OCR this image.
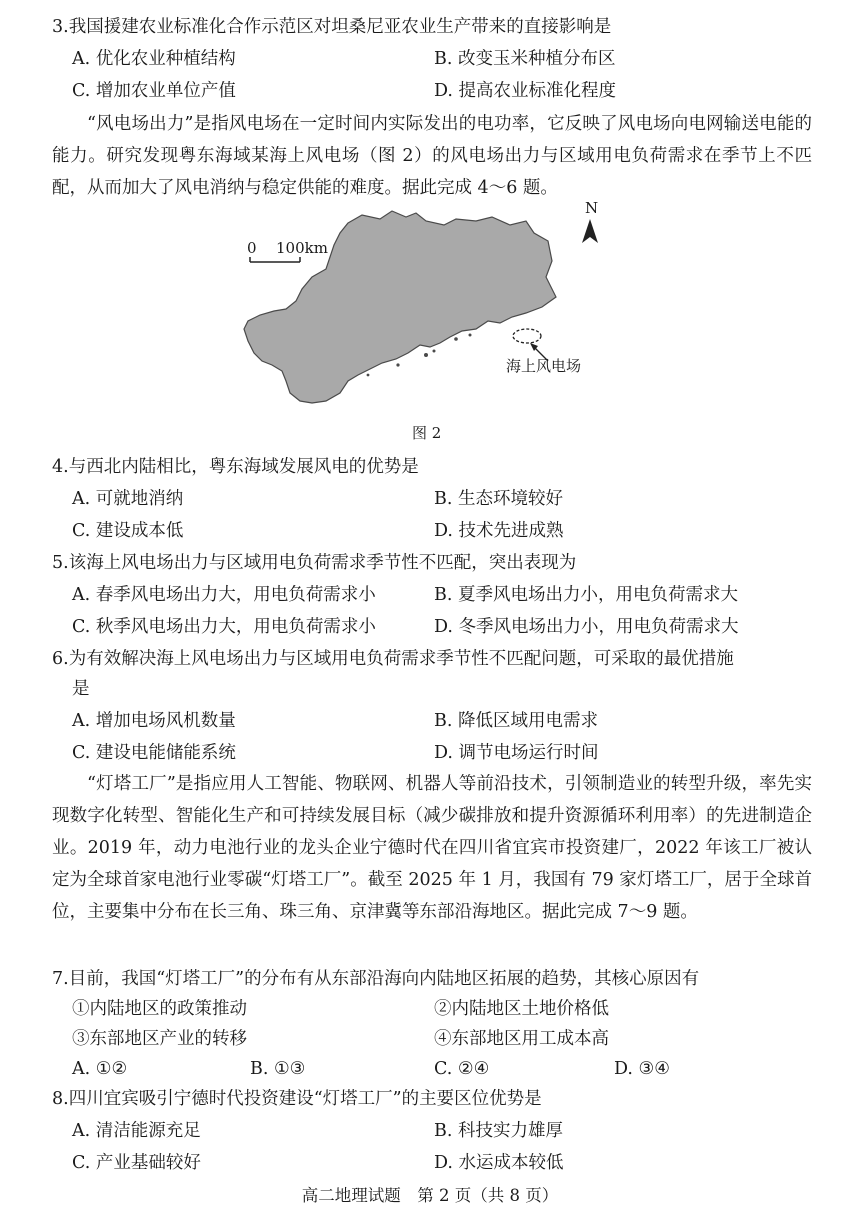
3.我国援建农业标准化合作示范区对坦桑尼亚农业生产带来的直接影响是
A. 优化农业种植结构	B. 改变玉米种植分布区
C. 增加农业单位产值	D. 提高农业标准化程度
“风电场出力”是指风电场在一定时间内实际发出的电功率，它反映了风电场向电网输送电能的能力。研究发现粤东海域某海上风电场（图 2）的风电场出力与区域用电负荷需求在季节上不匹配，从而加大了风电消纳与稳定供能的难度。据此完成 4～6 题。
0 100km
N
海上风电场
图 2
4.与西北内陆相比，粤东海域发展风电的优势是
A. 可就地消纳	B. 生态环境较好
C. 建设成本低	D. 技术先进成熟
5.该海上风电场出力与区域用电负荷需求季节性不匹配，突出表现为
A. 春季风电场出力大，用电负荷需求小	B. 夏季风电场出力小，用电负荷需求大
C. 秋季风电场出力大，用电负荷需求小	D. 冬季风电场出力小，用电负荷需求大
6.为有效解决海上风电场出力与区域用电负荷需求季节性不匹配问题，可采取的最优措施
是
A. 增加电场风机数量	B. 降低区域用电需求
C. 建设电能储能系统	D. 调节电场运行时间
“灯塔工厂”是指应用人工智能、物联网、机器人等前沿技术，引领制造业的转型升级，率先实现数字化转型、智能化生产和可持续发展目标（减少碳排放和提升资源循环利用率）的先进制造企业。2019 年，动力电池行业的龙头企业宁德时代在四川省宜宾市投资建厂，2022 年该工厂被认定为全球首家电池行业零碳“灯塔工厂”。截至 2025 年 1 月，我国有 79 家灯塔工厂，居于全球首位，主要集中分布在长三角、珠三角、京津冀等东部沿海地区。据此完成 7～9 题。
7.目前，我国“灯塔工厂”的分布有从东部沿海向内陆地区拓展的趋势，其核心原因有
①内陆地区的政策推动	②内陆地区土地价格低
③东部地区产业的转移	④东部地区用工成本高
A. ①②	B. ①③	C. ②④	D. ③④
8.四川宜宾吸引宁德时代投资建设“灯塔工厂”的主要区位优势是
A. 清洁能源充足	B. 科技实力雄厚
C. 产业基础较好	D. 水运成本较低
高二地理试题　第 2 页（共 8 页）
